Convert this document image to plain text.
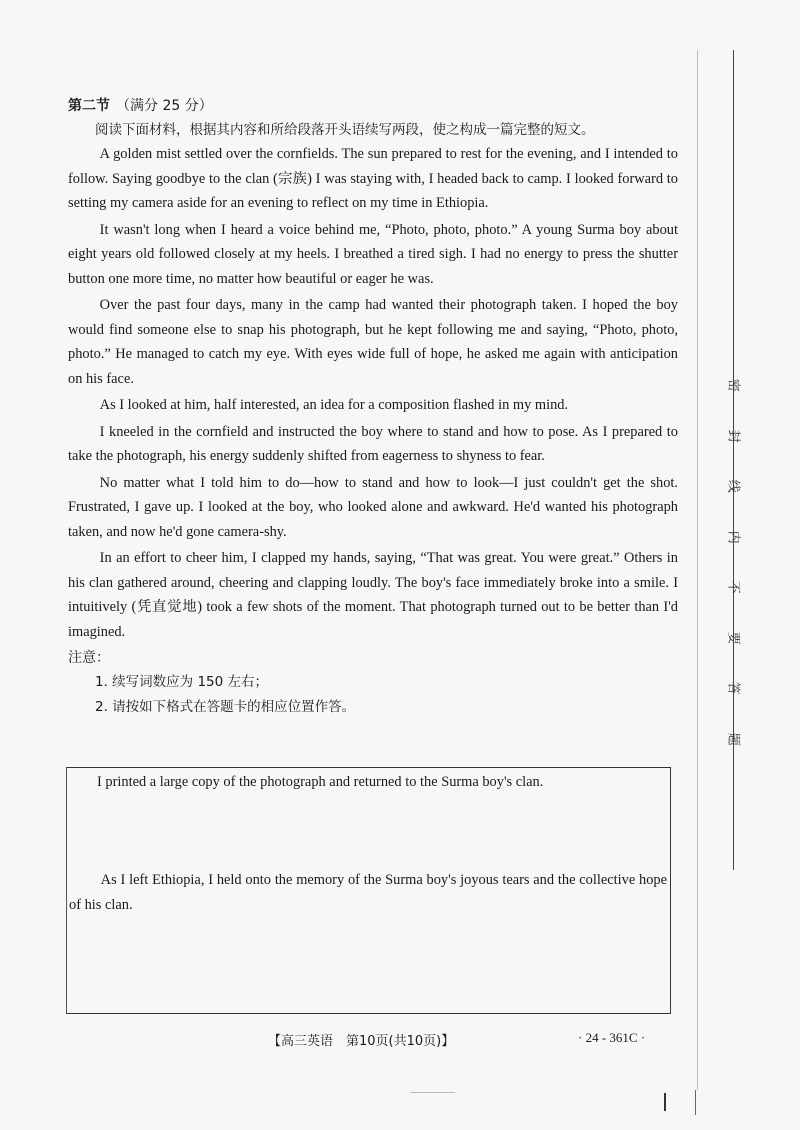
密
封
线
内
不
要
答
题

第二节 （满分 25 分）

阅读下面材料，根据其内容和所给段落开头语续写两段，使之构成一篇完整的短文。

A golden mist settled over the cornfields. The sun prepared to rest for the evening, and I intended to follow. Saying goodbye to the clan (宗族) I was staying with, I headed back to camp. I looked forward to setting my camera aside for an evening to reflect on my time in Ethiopia.

It wasn't long when I heard a voice behind me, “Photo, photo, photo.” A young Surma boy about eight years old followed closely at my heels. I breathed a tired sigh. I had no energy to press the shutter button one more time, no matter how beautiful or eager he was.

Over the past four days, many in the camp had wanted their photograph taken. I hoped the boy would find someone else to snap his photograph, but he kept following me and saying, “Photo, photo, photo.” He managed to catch my eye. With eyes wide full of hope, he asked me again with anticipation on his face.

As I looked at him, half interested, an idea for a composition flashed in my mind.

I kneeled in the cornfield and instructed the boy where to stand and how to pose. As I prepared to take the photograph, his energy suddenly shifted from eagerness to shyness to fear.

No matter what I told him to do—how to stand and how to look—I just couldn't get the shot. Frustrated, I gave up. I looked at the boy, who looked alone and awkward. He'd wanted his photograph taken, and now he'd gone camera-shy.

In an effort to cheer him, I clapped my hands, saying, “That was great. You were great.” Others in his clan gathered around, cheering and clapping loudly. The boy's face immediately broke into a smile. I intuitively (凭直觉地) took a few shots of the moment. That photograph turned out to be better than I'd imagined.

注意：

1. 续写词数应为 150 左右；

2. 请按如下格式在答题卡的相应位置作答。

I printed a large copy of the photograph and returned to the Surma boy's clan.
As I left Ethiopia, I held onto the memory of the Surma boy's joyous tears and the collective hope of his clan.
【高三英语　第10页(共10页)】	· 24 - 361C ·
